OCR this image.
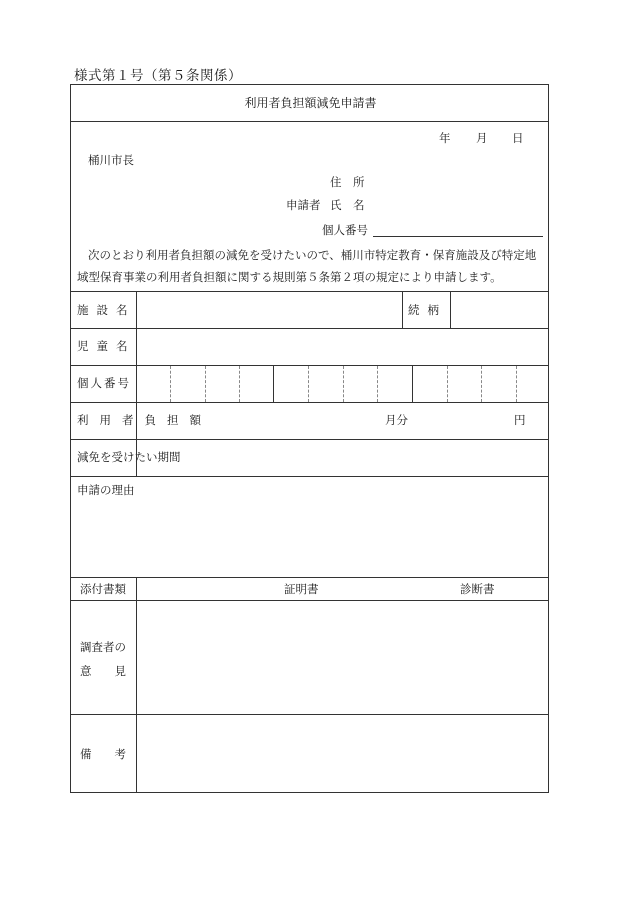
様式第１号（第５条関係）
利用者負担額減免申請書
年 月 日
桶川市長
住　所
申請者 氏　名
個人番号
次のとおり利用者負担額の減免を受けたいので、桶川市特定教育・保育施設及び特定地域型保育事業の利用者負担額に関する規則第５条第２項の規定により申請します。
施設名	続柄
児童名
個人番号
利用者負担額	月分	円
減免を受けたい期間
申請の理由
添付書類	証明書	診断書
調査者の
意　　見
備　　考
